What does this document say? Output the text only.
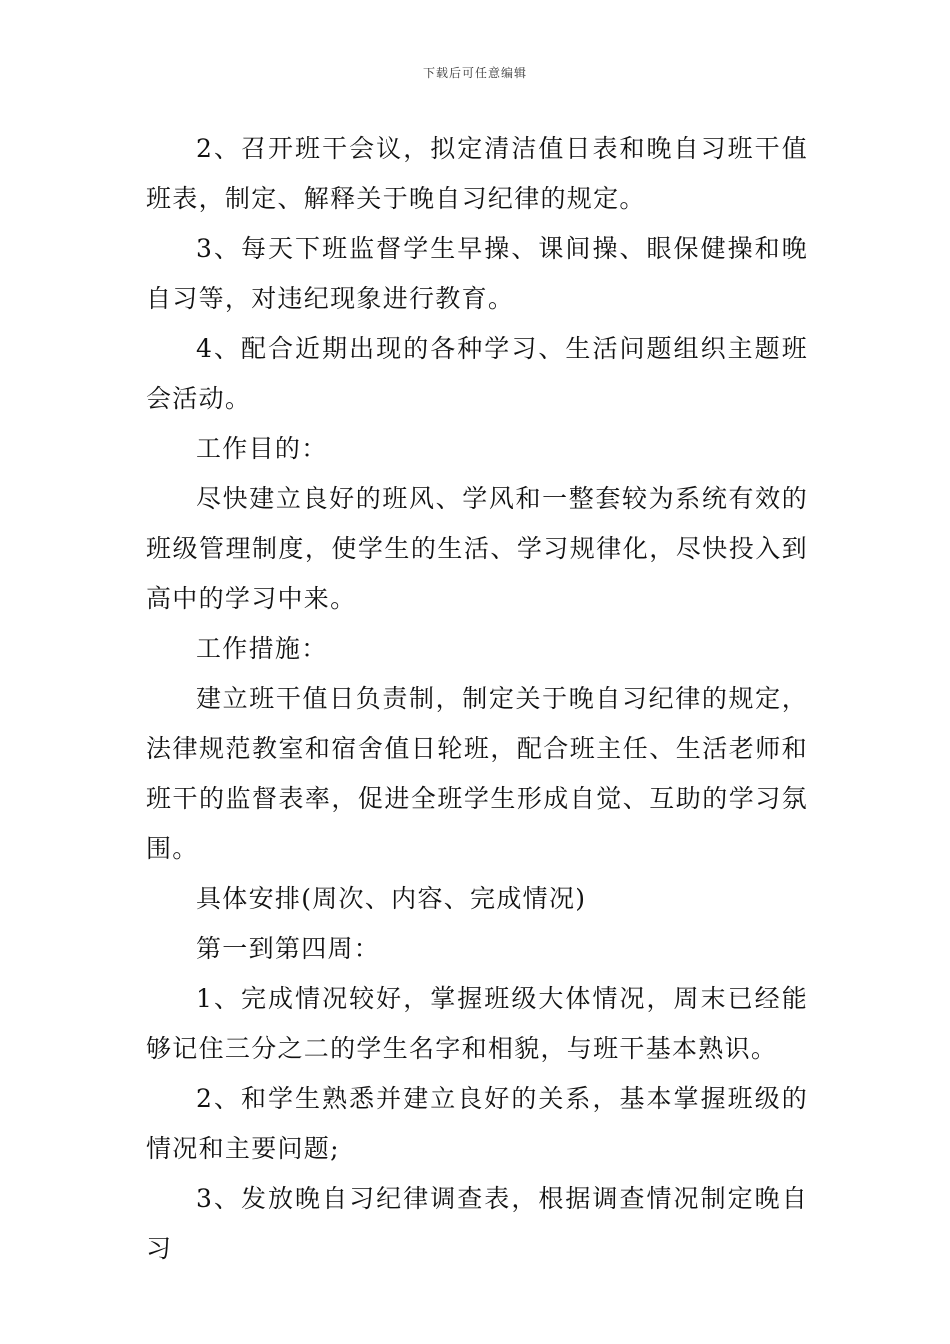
下载后可任意编辑

2、召开班干会议，拟定清洁值日表和晚自习班干值班表，制定、解释关于晚自习纪律的规定。

3、每天下班监督学生早操、课间操、眼保健操和晚自习等，对违纪现象进行教育。

4、配合近期出现的各种学习、生活问题组织主题班会活动。

工作目的：

尽快建立良好的班风、学风和一整套较为系统有效的班级管理制度，使学生的生活、学习规律化，尽快投入到高中的学习中来。

工作措施：

建立班干值日负责制，制定关于晚自习纪律的规定，法律规范教室和宿舍值日轮班，配合班主任、生活老师和班干的监督表率，促进全班学生形成自觉、互助的学习氛围。

具体安排(周次、内容、完成情况)

第一到第四周：

1、完成情况较好，掌握班级大体情况，周末已经能够记住三分之二的学生名字和相貌，与班干基本熟识。

2、和学生熟悉并建立良好的关系，基本掌握班级的情况和主要问题;

3、发放晚自习纪律调查表，根据调查情况制定晚自习
